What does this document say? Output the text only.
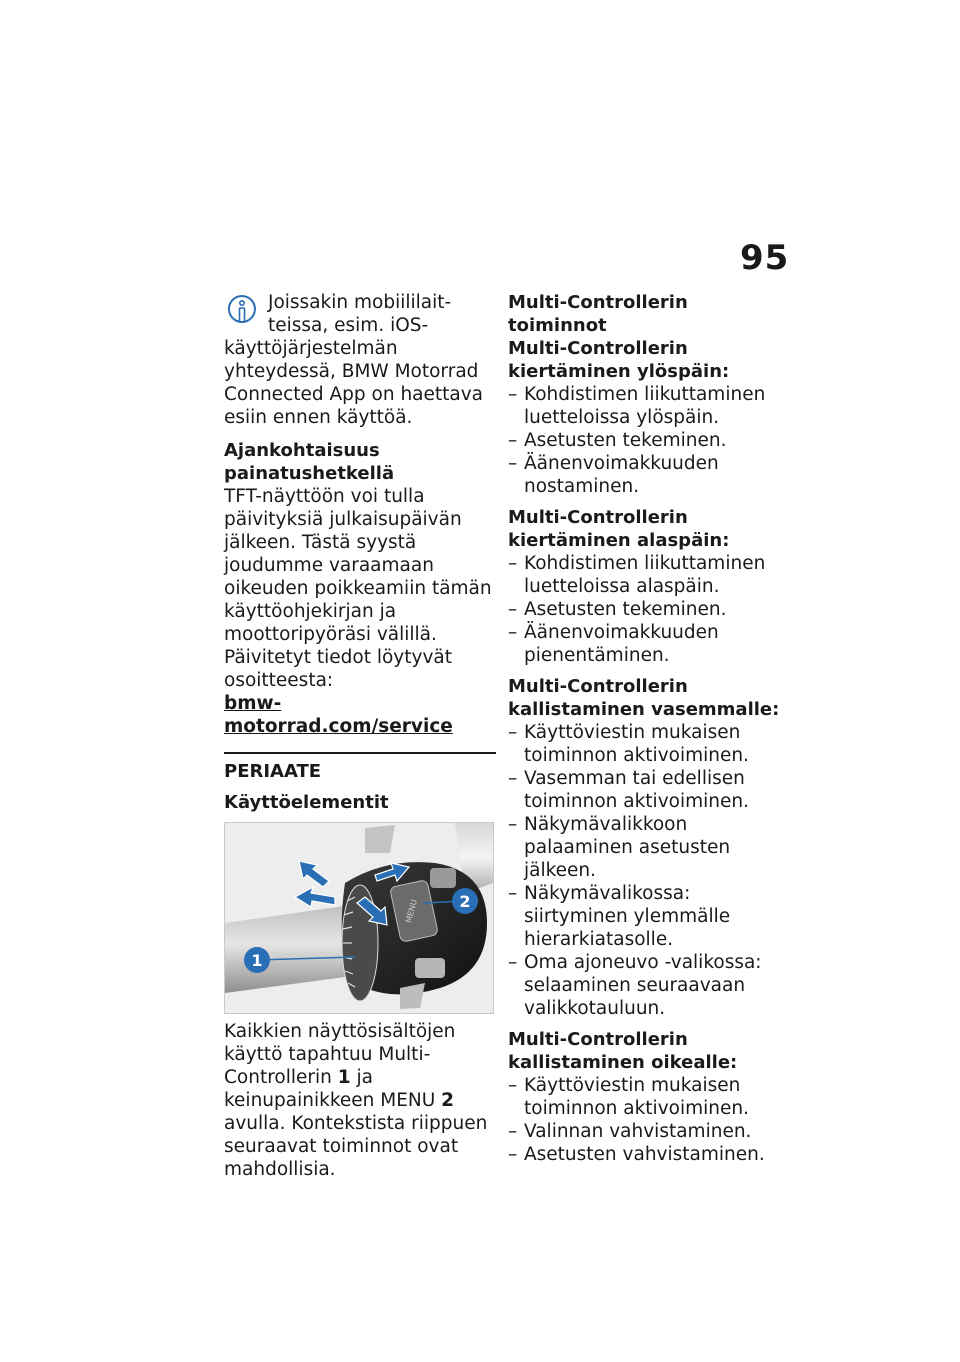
95
Joissakin mobiililait-
teissa, esim. iOS-
käyttöjärjestelmän yhteydessä, BMW Motorrad Connected App on haettava esiin ennen käyttöä.
Ajankohtaisuus painatushetkellä
TFT-näyttöön voi tulla päivityksiä julkaisupäivän jälkeen. Tästä syystä joudumme varaamaan oikeuden poikkeamiin tämän käyttöohjekirjan ja moottoripyöräsi välillä. Päivitetyt tiedot löytyvät osoitteesta:
bmw-motorrad.com/service
PERIAATE
Käyttöelementit
MENU
1
2
Kaikkien näyttösisältöjen käyttö tapahtuu Multi-Controllerin 1 ja keinupainikkeen MENU 2 avulla. Kontekstista riippuen seuraavat toiminnot ovat mahdollisia.
Multi-Controllerin toiminnot
Multi-Controllerin kiertäminen ylöspäin:
– Kohdistimen liikuttaminen luetteloissa ylöspäin.
– Asetusten tekeminen.
– Äänenvoimakkuuden nostaminen.
Multi-Controllerin kiertäminen alaspäin:
– Kohdistimen liikuttaminen luetteloissa alaspäin.
– Asetusten tekeminen.
– Äänenvoimakkuuden pienentäminen.
Multi-Controllerin kallistaminen vasemmalle:
– Käyttöviestin mukaisen toiminnon aktivoiminen.
– Vasemman tai edellisen toiminnon aktivoiminen.
– Näkymävalikkoon palaaminen asetusten jälkeen.
– Näkymävalikossa: siirtyminen ylemmälle hierarkiatasolle.
– Oma ajoneuvo -valikossa: selaaminen seuraavaan valikkotauluun.
Multi-Controllerin kallistaminen oikealle:
– Käyttöviestin mukaisen toiminnon aktivoiminen.
– Valinnan vahvistaminen.
– Asetusten vahvistaminen.
